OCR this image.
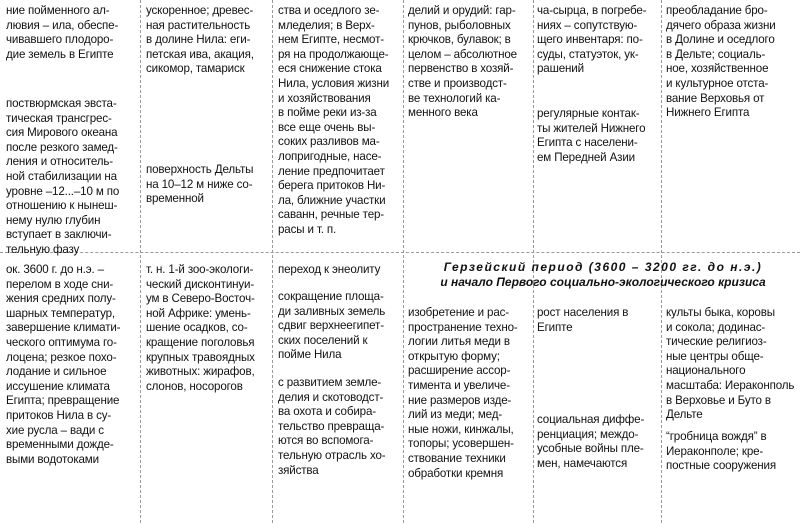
ние пойменного ал-
лювия – ила, обеспе-
чивавшего плодоро-
дие земель в Египте

поствюрмская эвста-
тическая трансгрес-
сия Мирового океана
после резкого замед-
ления и относитель-
ной стабилизации на
уровне –12...–10 м по
отношению к нынеш-
нему нулю глубин
вступает в заключи-
тельную фазу

ускоренное; древес-
ная растительность
в долине Нила: еги-
петская ива, акация,
сикомор, тамариск

поверхность Дельты
на 10–12 м ниже со-
временной

ства и оседлого зе-
мледелия; в Верх-
нем Египте, несмот-
ря на продолжающе-
еся снижение стока
Нила, условия жизни
и хозяйствования
в пойме реки из-за
все еще очень вы-
соких разливов ма-
лопригодные, насе-
ление предпочитает
берега притоков Ни-
ла, ближние участки
саванн, речные тер-
расы и т. п.

делий и орудий: гар-
пунов, рыболовных
крючков, булавок; в
целом – абсолютное
первенство в хозяй-
стве и производст-
ве технологий ка-
менного века

ча-сырца, в погребе-
ниях – сопутствую-
щего инвентаря: по-
суды, статуэток, ук-
рашений

регулярные контак-
ты жителей Нижнего
Египта с населени-
ем Передней Азии

преобладание бро-
дячего образа жизни
в Долине и оседлого
в Дельте; социаль-
ное, хозяйственное
и культурное отста-
вание Верховья от
Нижнего Египта

Герзейский период (3600 – 3200 гг. до н.э.)
и начало Первого социально-экологического кризиса

ок. 3600 г. до н.э. –
перелом в ходе сни-
жения средних полу-
шарных температур,
завершение климати-
ческого оптимума го-
лоцена; резкое похо-
лодание и сильное
иссушение климата
Египта; превращение
притоков Нила в су-
хие русла – вади с
временными дожде-
выми водотоками

т. н. 1-й зоо-экологи-
ческий дисконтинуи-
ум в Северо-Восточ-
ной Африке: умень-
шение осадков, со-
кращение поголовья
крупных травоядных
животных: жирафов,
слонов, носорогов

переход к энеолиту

сокращение площа-
ди заливных земель
сдвиг верхнеегипет-
ских поселений к
пойме Нила

с развитием земле-
делия и скотоводст-
ва охота и собира-
тельство превраща-
ются во вспомога-
тельную отрасль хо-
зяйства

изобретение и рас-
пространение техно-
логии литья меди в
открытую форму;
расширение ассор-
тимента и увеличе-
ние размеров изде-
лий из меди; мед-
ные ножи, кинжалы,
топоры; усовершен-
ствование техники
обработки кремня

рост населения в
Египте

социальная диффе-
ренциация; междо-
усобные войны пле-
мен, намечаются

культы быка, коровы
и сокола; додинас-
тические религиоз-
ные центры обще-
национального
масштаба: Иераконполь
в Верховье и Буто в
Дельте

“гробница вождя” в
Иераконполе; кре-
постные сооружения
